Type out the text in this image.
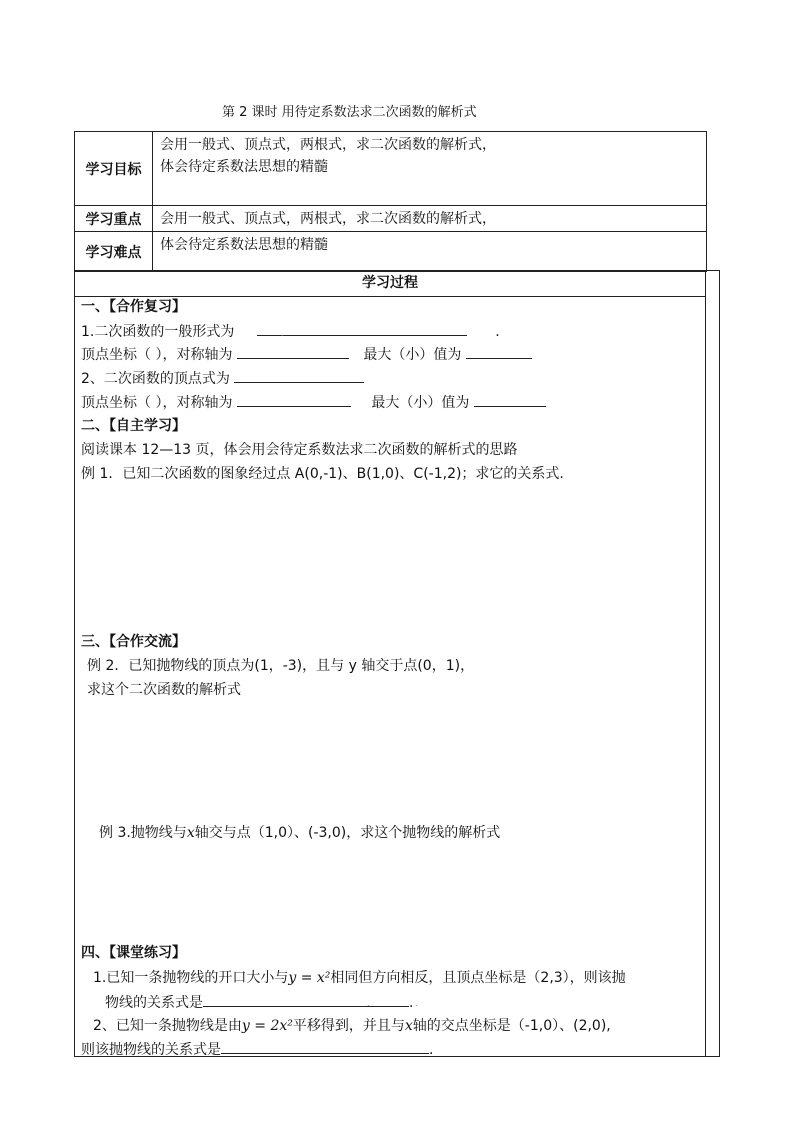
第 2 课时 用待定系数法求二次函数的解析式
学习目标	会用一般式、顶点式，两根式，求二次函数的解析式，
体会待定系数法思想的精髓

学习重点	会用一般式、顶点式，两根式，求二次函数的解析式，
学习难点	体会待定系数法思想的精髓
学习过程
一、【合作复习】
1.二次函数的一般形式为	.
.
顶点坐标（ ），对称轴为	最大（小）值为
2、二次函数的顶点式为
顶点坐标（ ），对称轴为	最大（小）值为
二、【自主学习】
阅读课本 12—13 页，体会用会待定系数法求二次函数的解析式的思路
例 1．已知二次函数的图象经过点 A(0,-1)、B(1,0)、C(-1,2)；求它的关系式.
三、【合作交流】
例 2．已知抛物线的顶点为(1，-3)，且与 y 轴交于点(0，1)，
求这个二次函数的解析式
例 3.抛物线与x轴交与点（1,0）、(-3,0)，求这个抛物线的解析式
四、【课堂练习】
1.已知一条抛物线的开口大小与y = x²相同但方向相反，且顶点坐标是（2,3），则该抛
物线的关系式是	.
.	.
2、已知一条抛物线是由y = 2x²平移得到，并且与x轴的交点坐标是（-1,0）、(2,0),
则该抛物线的关系式是	.
